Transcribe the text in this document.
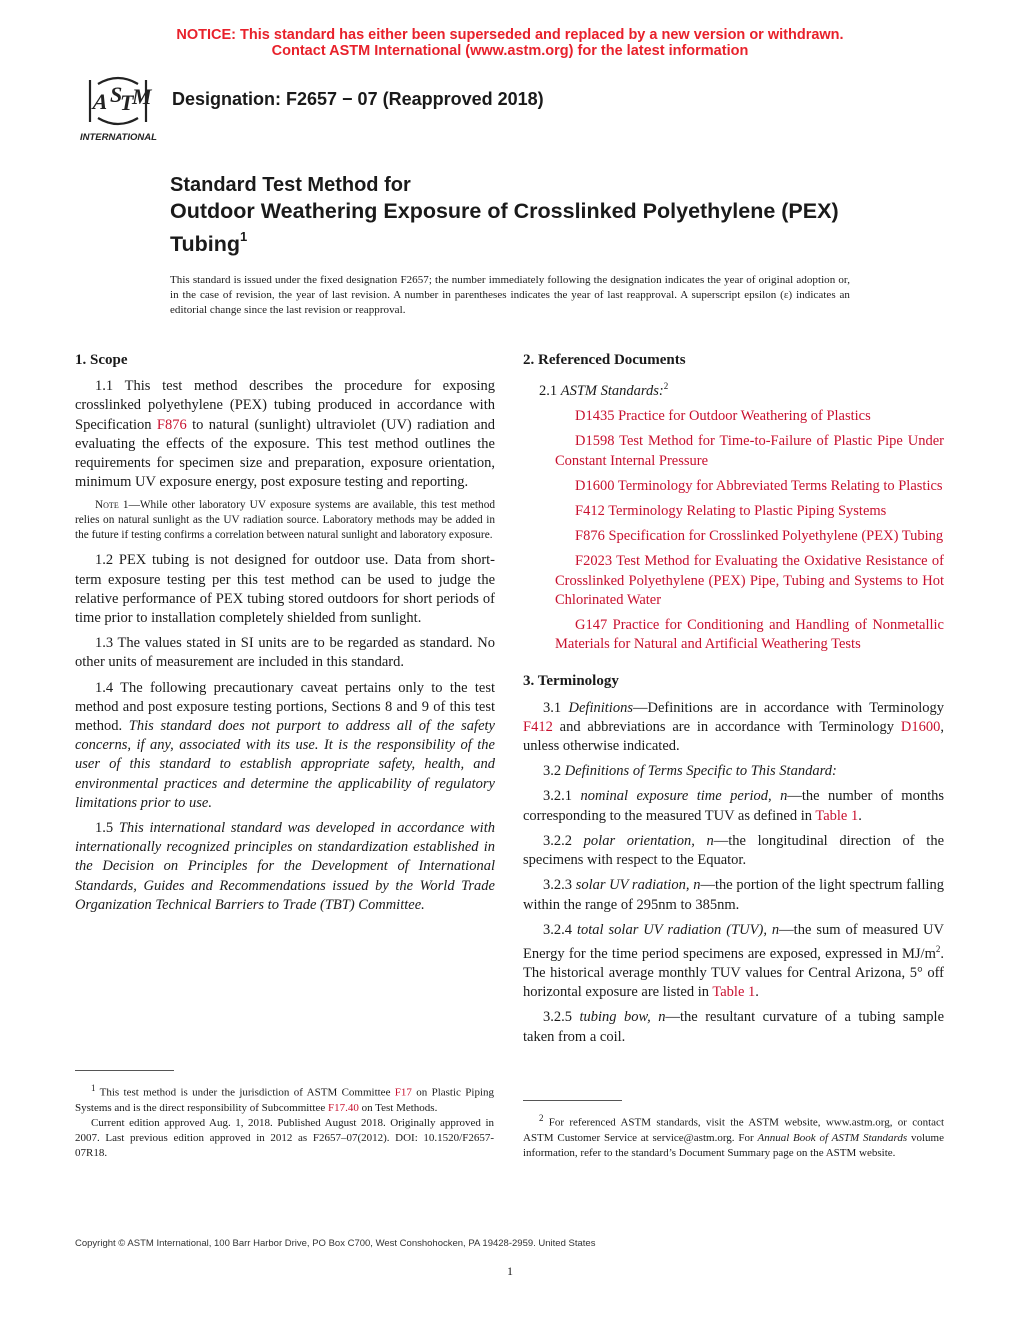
NOTICE: This standard has either been superseded and replaced by a new version or withdrawn.
Contact ASTM International (www.astm.org) for the latest information
A S
T
M
INTERNATIONAL
Designation: F2657 − 07 (Reapproved 2018)
Standard Test Method for
Outdoor Weathering Exposure of Crosslinked Polyethylene (PEX) Tubing$^1$
This standard is issued under the fixed designation F2657; the number immediately following the designation indicates the year of original adoption or, in the case of revision, the year of last revision. A number in parentheses indicates the year of last reapproval. A superscript epsilon (ε) indicates an editorial change since the last revision or reapproval.
1. Scope

1.1 This test method describes the procedure for exposing crosslinked polyethylene (PEX) tubing produced in accordance with Specification F876 to natural (sunlight) ultraviolet (UV) radiation and evaluating the effects of the exposure. This test method outlines the requirements for specimen size and preparation, exposure orientation, minimum UV exposure energy, post exposure testing and reporting.

Note 1—While other laboratory UV exposure systems are available, this test method relies on natural sunlight as the UV radiation source. Laboratory methods may be added in the future if testing confirms a correlation between natural sunlight and laboratory exposure.

1.2 PEX tubing is not designed for outdoor use. Data from short-term exposure testing per this test method can be used to judge the relative performance of PEX tubing stored outdoors for short periods of time prior to installation completely shielded from sunlight.

1.3 The values stated in SI units are to be regarded as standard. No other units of measurement are included in this standard.

1.4 The following precautionary caveat pertains only to the test method and post exposure testing portions, Sections 8 and 9 of this test method. This standard does not purport to address all of the safety concerns, if any, associated with its use. It is the responsibility of the user of this standard to establish appropriate safety, health, and environmental practices and determine the applicability of regulatory limitations prior to use.

1.5 This international standard was developed in accordance with internationally recognized principles on standardization established in the Decision on Principles for the Development of International Standards, Guides and Recommendations issued by the World Trade Organization Technical Barriers to Trade (TBT) Committee.

2. Referenced Documents

2.1 ASTM Standards:$^2$

D1435 Practice for Outdoor Weathering of Plastics

D1598 Test Method for Time-to-Failure of Plastic Pipe Under Constant Internal Pressure

D1600 Terminology for Abbreviated Terms Relating to Plastics

F412 Terminology Relating to Plastic Piping Systems

F876 Specification for Crosslinked Polyethylene (PEX) Tubing

F2023 Test Method for Evaluating the Oxidative Resistance of Crosslinked Polyethylene (PEX) Pipe, Tubing and Systems to Hot Chlorinated Water

G147 Practice for Conditioning and Handling of Nonmetallic Materials for Natural and Artificial Weathering Tests

3. Terminology

3.1 Definitions—Definitions are in accordance with Terminology F412 and abbreviations are in accordance with Terminology D1600, unless otherwise indicated.

3.2 Definitions of Terms Specific to This Standard:

3.2.1 nominal exposure time period, n—the number of months corresponding to the measured TUV as defined in Table 1.

3.2.2 polar orientation, n—the longitudinal direction of the specimens with respect to the Equator.

3.2.3 solar UV radiation, n—the portion of the light spectrum falling within the range of 295nm to 385nm.

3.2.4 total solar UV radiation (TUV), n—the sum of measured UV Energy for the time period specimens are exposed, expressed in $MJ/m^2$. The historical average monthly TUV values for Central Arizona, 5° off horizontal exposure are listed in Table 1.

3.2.5 tubing bow, n—the resultant curvature of a tubing sample taken from a coil.

$^1$ This test method is under the jurisdiction of ASTM Committee F17 on Plastic Piping Systems and is the direct responsibility of Subcommittee F17.40 on Test Methods.

Current edition approved Aug. 1, 2018. Published August 2018. Originally approved in 2007. Last previous edition approved in 2012 as F2657–07(2012). DOI: 10.1520/F2657-07R18.

$^2$ For referenced ASTM standards, visit the ASTM website, www.astm.org, or contact ASTM Customer Service at service@astm.org. For Annual Book of ASTM Standards volume information, refer to the standard’s Document Summary page on the ASTM website.

Copyright © ASTM International, 100 Barr Harbor Drive, PO Box C700, West Conshohocken, PA 19428-2959. United States
1
